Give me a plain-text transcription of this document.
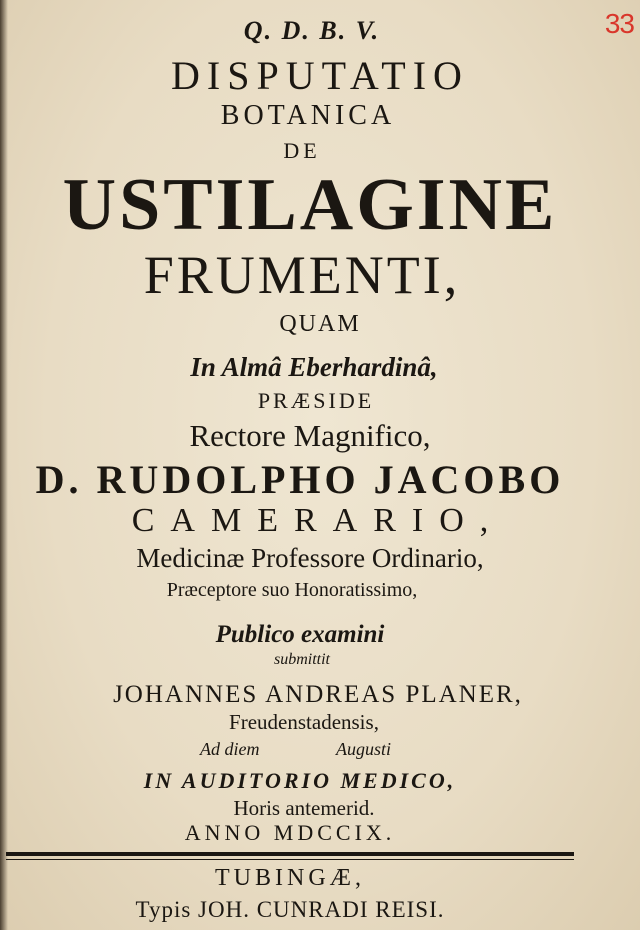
33
Q. D. B. V.
DISPUTATIO
BOTANICA
DE
USTILAGINE
FRUMENTI,
QUAM
In Almâ Eberhardinâ,
PRÆSIDE
Rectore Magnifico,
D. RUDOLPHO JACOBO
CAMERARIO,
Medicinæ Professore Ordinario,
Præceptore suo Honoratissimo,
Publico examini
submittit
JOHANNES ANDREAS PLANER,
Freudenstadensis,
Ad diem	Augusti
IN AUDITORIO MEDICO,
Horis antemerid.
ANNO MDCCIX.
TUBINGÆ,
Typis JOH. CUNRADI REISI.
